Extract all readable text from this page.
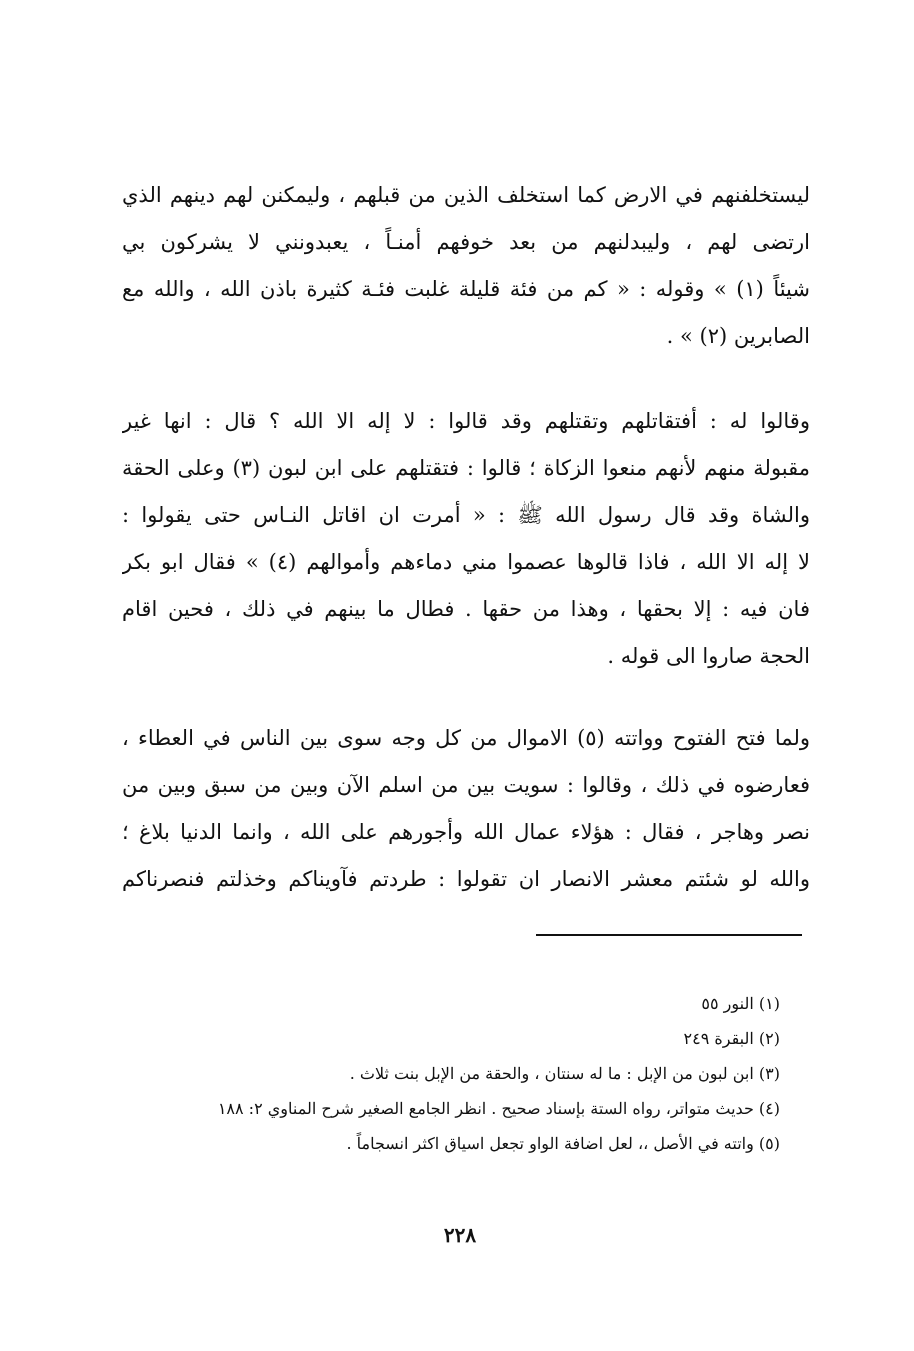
ليستخلفنهم في الارض كما استخلف الذين من قبلهم ، وليمكنن لهم دينهم الذي
ارتضى لهم ، وليبدلنهم من بعد خوفهم أمنـاً ، يعبدونني لا يشركون بي
شيئاً (١) » وقوله : « كم من فئة قليلة غلبت فئـة كثيرة باذن الله ، والله مع
الصابرين (٢) » .
وقالوا له : أفتقاتلهم وتقتلهم وقد قالوا : لا إله الا الله ؟ قال : انها غير
مقبولة منهم لأنهم منعوا الزكاة ؛ قالوا : فتقتلهم على ابن لبون (٣) وعلى الحقة
والشاة وقد قال رسول الله ﷺ : « أمرت ان اقاتل النـاس حتى يقولوا :
لا إله الا الله ، فاذا قالوها عصموا مني دماءهم وأموالهم (٤) » فقال ابو بكر
فان فيه : إلا بحقها ، وهذا من حقها . فطال ما بينهم في ذلك ، فحين اقام
الحجة صاروا الى قوله .
ولما فتح الفتوح وواتته (٥) الاموال من كل وجه سوى بين الناس في العطاء ،
فعارضوه في ذلك ، وقالوا : سويت بين من اسلم الآن وبين من سبق وبين من
نصر وهاجر ، فقال : هؤلاء عمال الله وأجورهم على الله ، وانما الدنيا بلاغ ؛
والله لو شئتم معشر الانصار ان تقولوا : طردتم فآويناكم وخذلتم فنصرناكم
(١) النور ٥٥
(٢) البقرة ٢٤٩
(٣) ابن لبون من الإبل : ما له سنتان ، والحقة من الإبل بنت ثلاث .
(٤) حديث متواتر، رواه الستة بإسناد صحيح . انظر الجامع الصغير شرح المناوي ٢: ١٨٨
(٥) واتته في الأصل ،، لعل اضافة الواو تجعل اسياق اكثر انسجاماً .
٢٢٨
